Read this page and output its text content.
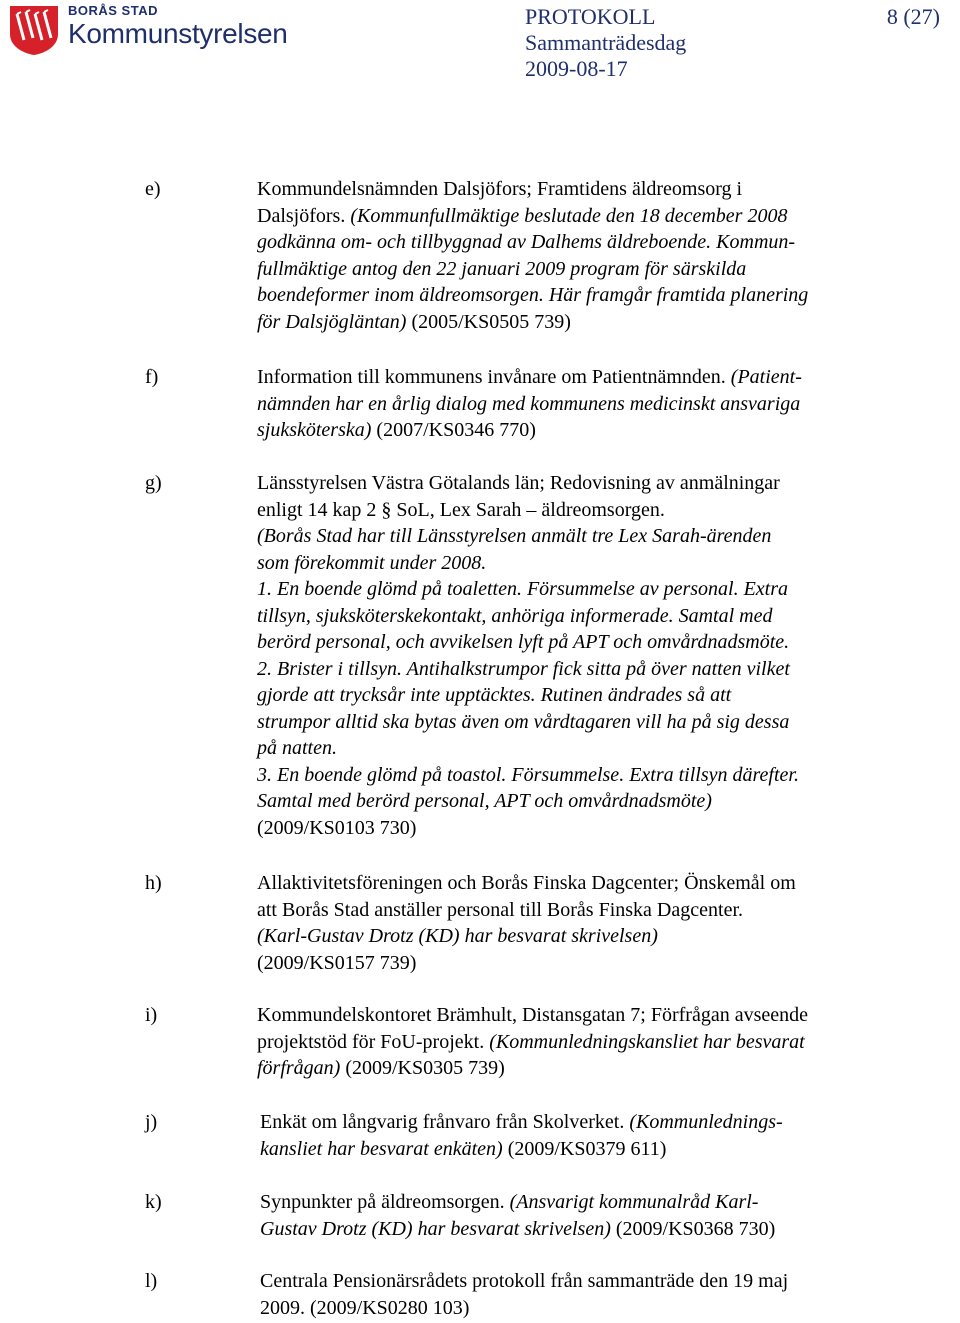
BORÅS STAD
Kommunstyrelsen
PROTOKOLL
Sammanträdesdag
2009-08-17
8 (27)
e)	Kommundelsnämnden Dalsjöfors; Framtidens äldreomsorg i
Dalsjöfors. (Kommunfullmäktige beslutade den 18 december 2008
godkänna om- och tillbyggnad av Dalhems äldreboende. Kommun-
fullmäktige antog den 22 januari 2009 program för särskilda
boendeformer inom äldreomsorgen. Här framgår framtida planering
för Dalsjögläntan) (2005/KS0505 739)
f)	Information till kommunens invånare om Patientnämnden. (Patient-
nämnden har en årlig dialog med kommunens medicinskt ansvariga
sjuksköterska) (2007/KS0346 770)
g)	Länsstyrelsen Västra Götalands län; Redovisning av anmälningar
enligt 14 kap 2 § SoL, Lex Sarah – äldreomsorgen.
(Borås Stad har till Länsstyrelsen anmält tre Lex Sarah-ärenden
som förekommit under 2008.
1. En boende glömd på toaletten. Försummelse av personal. Extra
tillsyn, sjuksköterskekontakt, anhöriga informerade. Samtal med
berörd personal, och avvikelsen lyft på APT och omvårdnadsmöte.
2. Brister i tillsyn. Antihalkstrumpor fick sitta på över natten vilket
gjorde att trycksår inte upptäcktes. Rutinen ändrades så att
strumpor alltid ska bytas även om vårdtagaren vill ha på sig dessa
på natten.
3. En boende glömd på toastol. Försummelse. Extra tillsyn därefter.
Samtal med berörd personal, APT och omvårdnadsmöte)
(2009/KS0103 730)
h)	Allaktivitetsföreningen och Borås Finska Dagcenter; Önskemål om
att Borås Stad anställer personal till Borås Finska Dagcenter.
(Karl-Gustav Drotz (KD) har besvarat skrivelsen)
(2009/KS0157 739)
i)	Kommundelskontoret Brämhult, Distansgatan 7; Förfrågan avseende
projektstöd för FoU-projekt. (Kommunledningskansliet har besvarat
förfrågan) (2009/KS0305 739)
j)	Enkät om långvarig frånvaro från Skolverket. (Kommunlednings-
kansliet har besvarat enkäten) (2009/KS0379 611)
k)	Synpunkter på äldreomsorgen. (Ansvarigt kommunalråd Karl-
Gustav Drotz (KD) har besvarat skrivelsen) (2009/KS0368 730)
l)	Centrala Pensionärsrådets protokoll från sammanträde den 19 maj
2009. (2009/KS0280 103)
